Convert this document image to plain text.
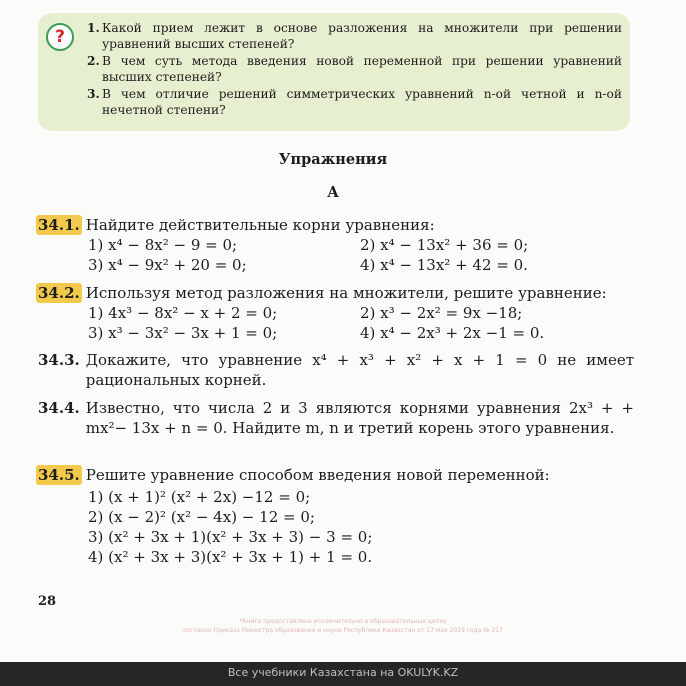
? 1. Какой прием лежит в основе разложения на множители при решении уравнений высших степеней?
2. В чем суть метода введения новой переменной при решении уравнений высших степеней?
3. В чем отличие решений симметрических уравнений n-ой четной и n-ой нечетной степени?
Упражнения
А
34.1. Найдите действительные корни уравнения:
1) x⁴ − 8x² − 9 = 0;	2) x⁴ − 13x² + 36 = 0;
3) x⁴ − 9x² + 20 = 0;	4) x⁴ − 13x² + 42 = 0.
34.2. Используя метод разложения на множители, решите уравнение:
1) 4x³ − 8x² − x + 2 = 0;	2) x³ − 2x² = 9x −18;
3) x³ − 3x² − 3x + 1 = 0;	4) x⁴ − 2x³ + 2x −1 = 0.
34.3. Докажите, что уравнение x⁴ + x³ + x² + x + 1 = 0 не имеет рациональных корней.
34.4. Известно, что числа 2 и 3 являются корнями уравнения 2x³ + + mx²− 13x + n = 0. Найдите m, n и третий корень этого уравнения.
34.5. Решите уравнение способом введения новой переменной:
1) (x + 1)² (x² + 2x) −12 = 0;
2) (x − 2)² (x² − 4x) − 12 = 0;
3) (x² + 3x + 1)(x² + 3x + 3) − 3 = 0;
4) (x² + 3x + 3)(x² + 3x + 1) + 1 = 0.
28
*Книга предоставлена исключительно в образовательных целях
согласно Приказа Министра образования и науки Республики Казахстан от 17 мая 2019 года № 217
Все учебники Казахстана на OKULYK.KZ
